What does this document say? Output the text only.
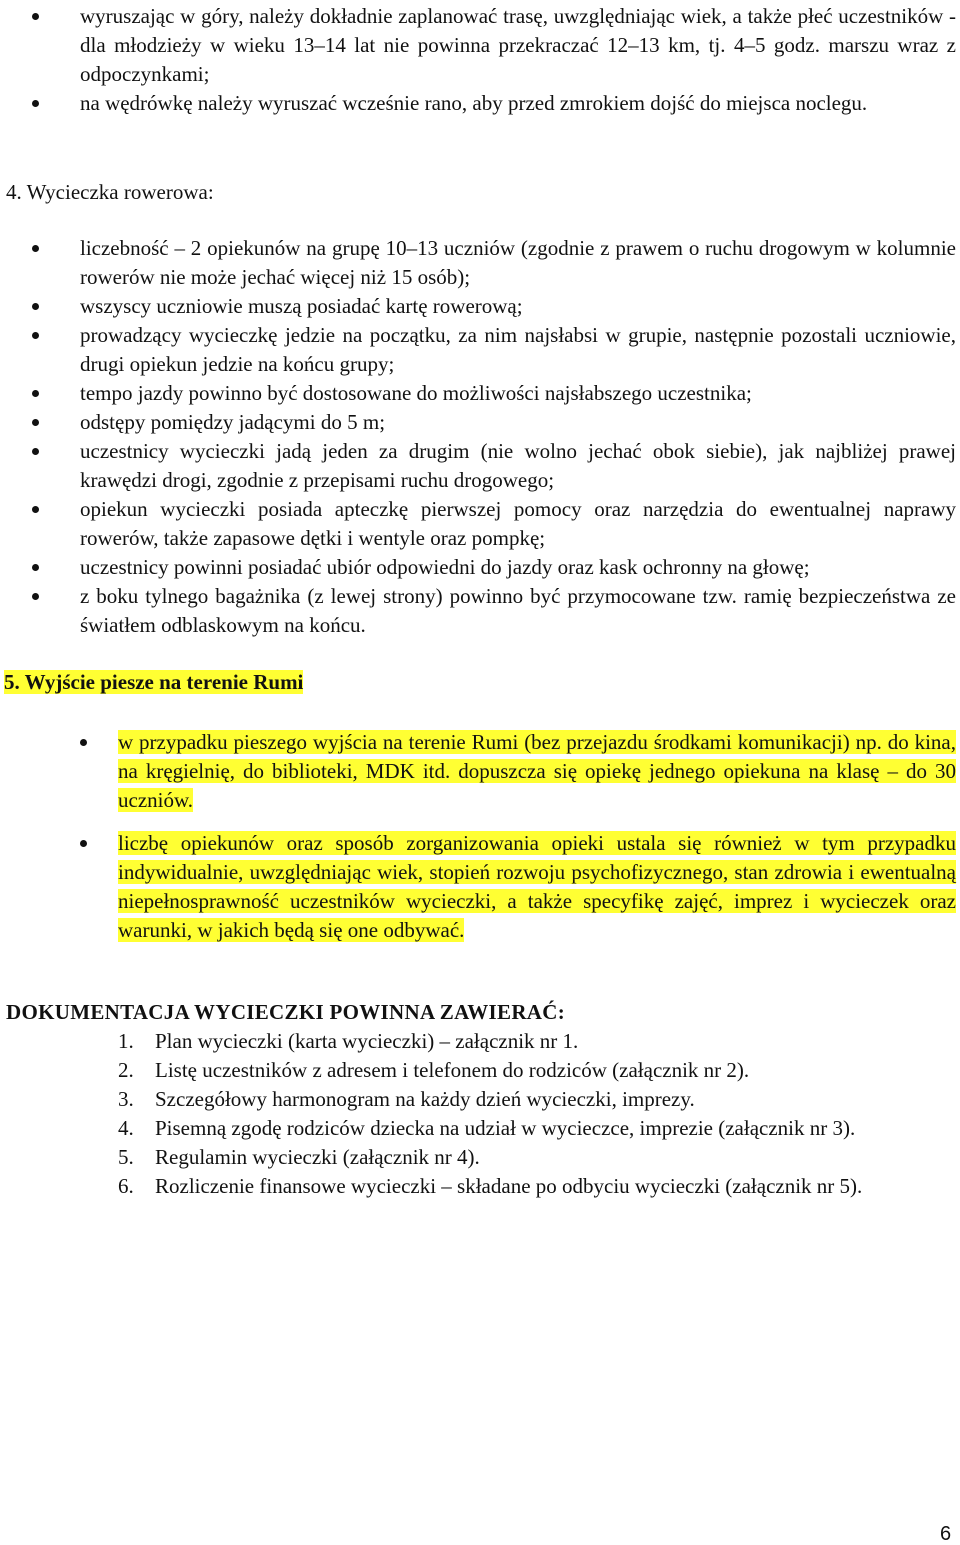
wyruszając w góry, należy dokładnie zaplanować trasę, uwzględniając wiek, a także płeć uczestników - dla młodzieży w wieku 13–14 lat nie powinna przekraczać 12–13 km, tj. 4–5 godz. marszu wraz z odpoczynkami;
na wędrówkę należy wyruszać wcześnie rano, aby przed zmrokiem dojść do miejsca noclegu.
4. Wycieczka rowerowa:
liczebność – 2 opiekunów na grupę 10–13 uczniów (zgodnie z prawem o ruchu drogowym w kolumnie rowerów nie może jechać więcej niż 15 osób);
wszyscy uczniowie muszą posiadać kartę rowerową;
prowadzący wycieczkę jedzie na początku, za nim najsłabsi w grupie, następnie pozostali uczniowie, drugi opiekun jedzie na końcu grupy;
tempo jazdy powinno być dostosowane do możliwości najsłabszego uczestnika;
odstępy pomiędzy jadącymi do 5 m;
uczestnicy wycieczki jadą jeden za drugim (nie wolno jechać obok siebie), jak najbliżej prawej krawędzi drogi, zgodnie z przepisami ruchu drogowego;
opiekun wycieczki posiada apteczkę pierwszej pomocy oraz narzędzia do ewentualnej naprawy rowerów, także zapasowe dętki i wentyle oraz pompkę;
uczestnicy powinni posiadać ubiór odpowiedni do jazdy oraz kask ochronny na głowę;
z boku tylnego bagażnika (z lewej strony) powinno być przymocowane tzw. ramię bezpieczeństwa ze światłem odblaskowym na końcu.
5. Wyjście piesze na terenie Rumi
w przypadku pieszego wyjścia na terenie Rumi (bez przejazdu środkami komunikacji) np. do kina, na kręgielnię, do biblioteki, MDK itd. dopuszcza się opiekę jednego opiekuna na klasę – do 30 uczniów.
liczbę opiekunów oraz sposób zorganizowania opieki ustala się również w tym przypadku indywidualnie, uwzględniając wiek, stopień rozwoju psychofizycznego, stan zdrowia i ewentualną niepełnosprawność uczestników wycieczki, a także specyfikę zajęć, imprez i wycieczek oraz warunki, w jakich będą się one odbywać.
DOKUMENTACJA WYCIECZKI POWINNA ZAWIERAĆ:
1. Plan wycieczki (karta wycieczki) – załącznik nr 1.
2. Listę uczestników z adresem i telefonem do rodziców (załącznik nr 2).
3. Szczegółowy harmonogram na każdy dzień wycieczki, imprezy.
4. Pisemną zgodę rodziców dziecka na udział w wycieczce, imprezie (załącznik nr 3).
5. Regulamin wycieczki (załącznik nr 4).
6. Rozliczenie finansowe wycieczki – składane po odbyciu wycieczki (załącznik nr 5).
6
